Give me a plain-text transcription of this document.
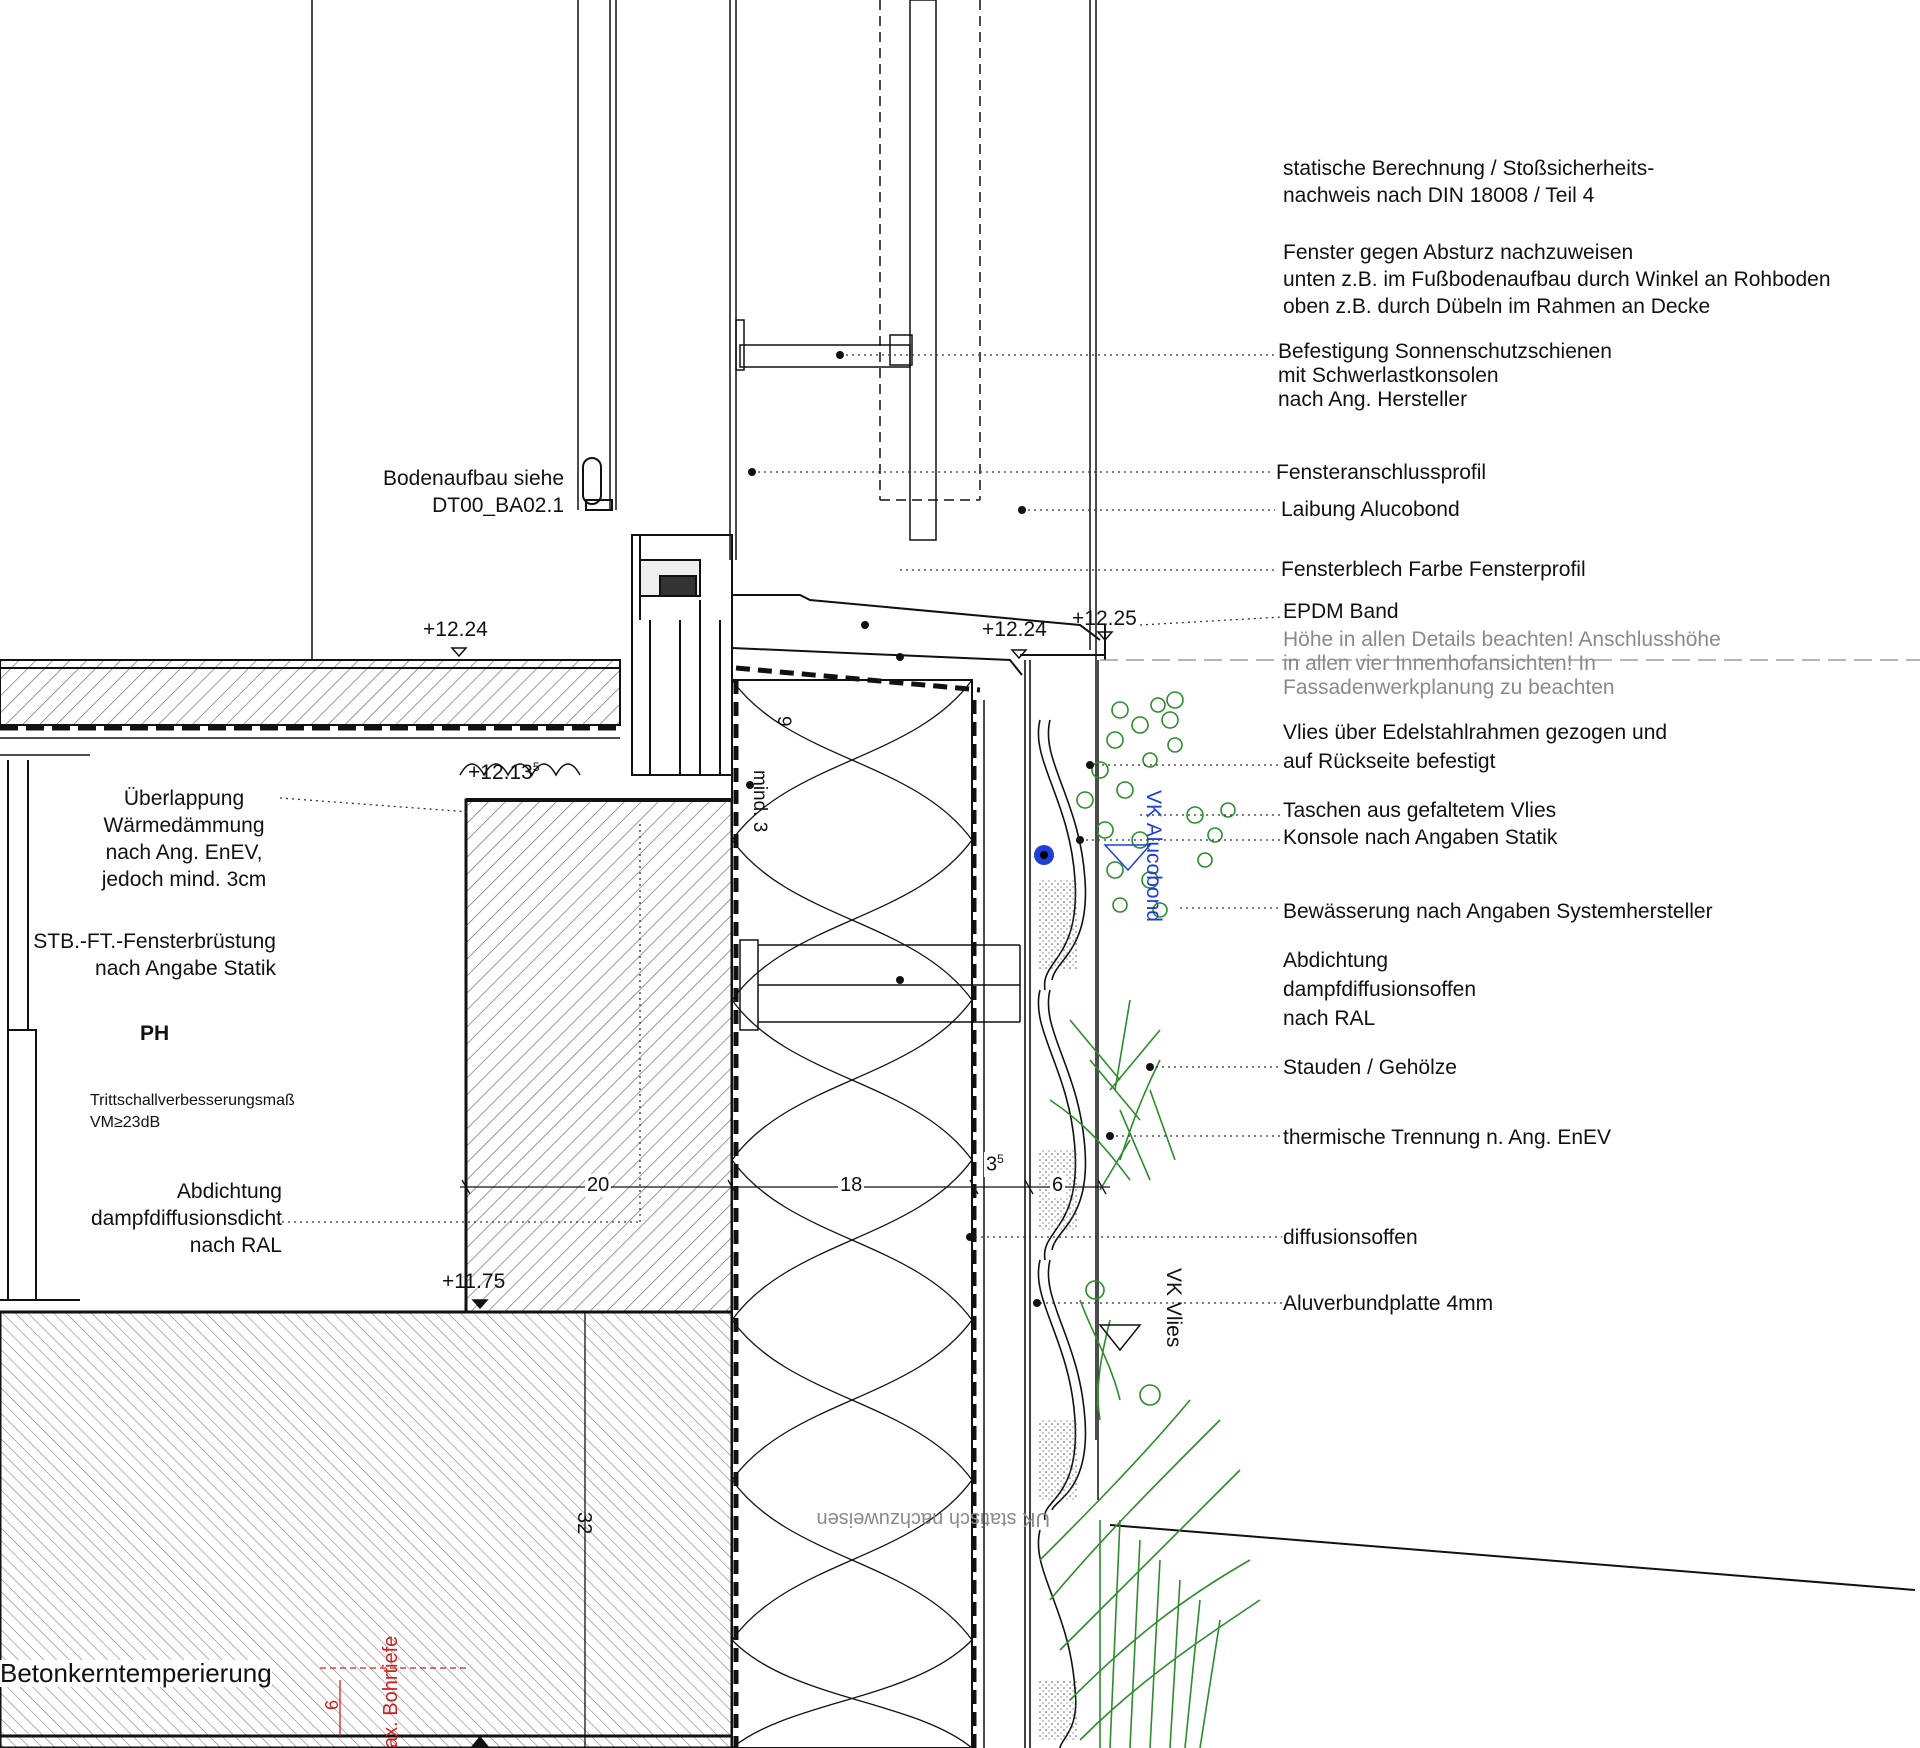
statische Berechnung / Stoßsicherheits-
nachweis nach DIN 18008 / Teil 4
Fenster gegen Absturz nachzuweisen
unten z.B. im Fußbodenaufbau durch Winkel an Rohboden
oben z.B. durch Dübeln im Rahmen an Decke
Befestigung Sonnenschutzschienen
mit Schwerlastkonsolen
nach Ang. Hersteller
Fensteranschlussprofil
Laibung Alucobond
Fensterblech Farbe Fensterprofil
EPDM Band
Höhe in allen Details beachten! Anschlusshöhe
in allen vier Innenhofansichten! In
Fassadenwerkplanung zu beachten
Vlies über Edelstahlrahmen gezogen und
auf Rückseite befestigt
Taschen aus gefaltetem Vlies
Konsole nach Angaben Statik
Bewässerung nach Angaben Systemhersteller
Abdichtung
dampfdiffusionsoffen
nach RAL
Stauden / Gehölze
thermische Trennung n. Ang. EnEV
diffusionsoffen
Aluverbundplatte 4mm
Bodenaufbau siehe
DT00_BA02.1
Überlappung
Wärmedämmung
nach Ang. EnEV,
jedoch mind. 3cm
STB.-FT.-Fensterbrüstung
nach Angabe Statik
PH
Trittschallverbesserungsmaß
VM≥23dB
Abdichtung
dampfdiffusionsdicht
nach RAL
Betonkerntemperierung
+12.24	+12.24 +12.25
$+12.13^5$
+11.75
20	18
$3^5$
6
32
mind. 3
9
VK Alucobond
VK Vlies
UK statisch nachzuweisen
ax. Bohrtiefe
6
